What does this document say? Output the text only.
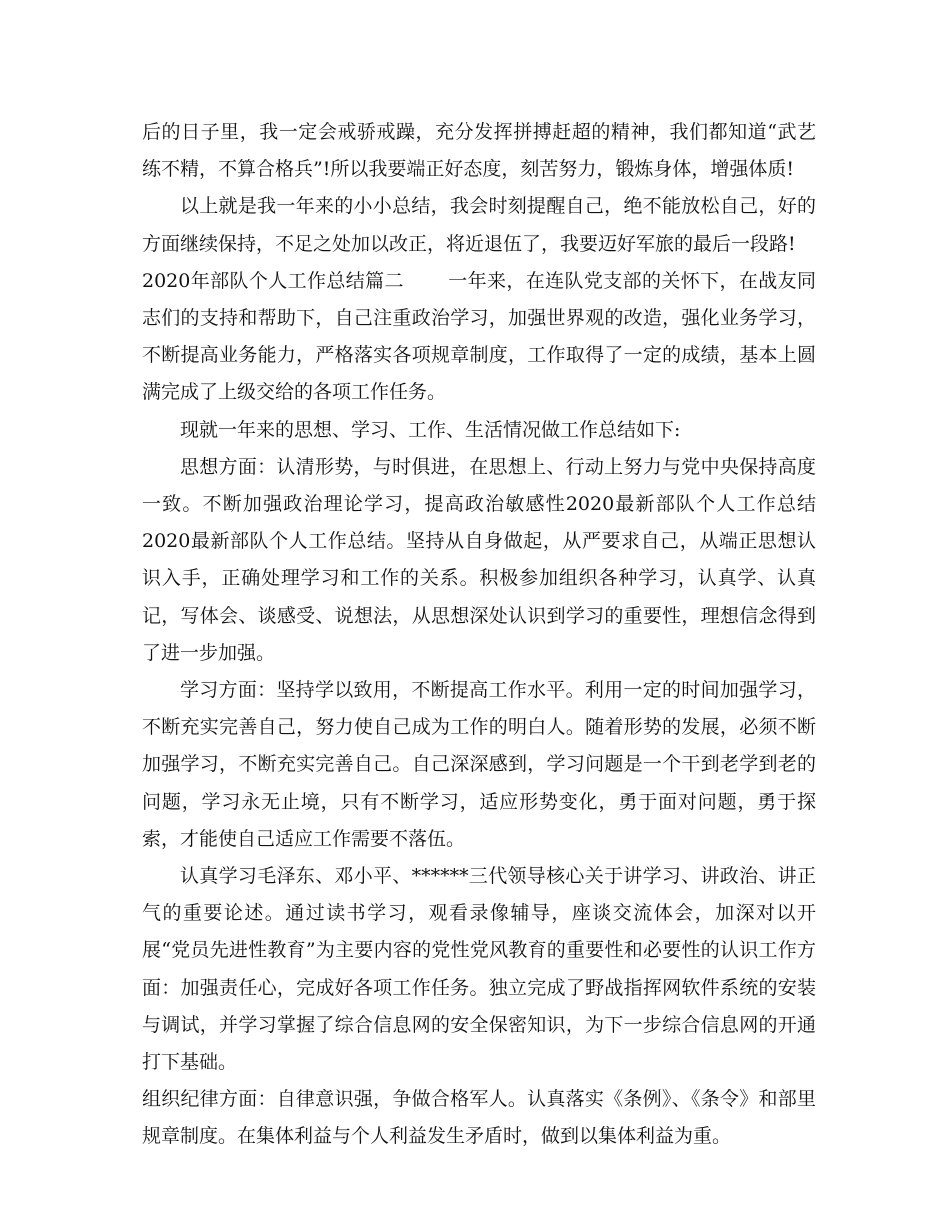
后的日子里，我一定会戒骄戒躁，充分发挥拼搏赶超的精神，我们都知道“武艺练不精，不算合格兵”!所以我要端正好态度，刻苦努力，锻炼身体，增强体质!

以上就是我一年来的小小总结，我会时刻提醒自己，绝不能放松自己，好的方面继续保持，不足之处加以改正，将近退伍了，我要迈好军旅的最后一段路!

2020年部队个人工作总结篇二 一年来，在连队党支部的关怀下，在战友同志们的支持和帮助下，自己注重政治学习，加强世界观的改造，强化业务学习，不断提高业务能力，严格落实各项规章制度，工作取得了一定的成绩，基本上圆满完成了上级交给的各项工作任务。

现就一年来的思想、学习、工作、生活情况做工作总结如下:

思想方面：认清形势，与时俱进，在思想上、行动上努力与党中央保持高度一致。不断加强政治理论学习，提高政治敏感性2020最新部队个人工作总结2020最新部队个人工作总结。坚持从自身做起，从严要求自己，从端正思想认识入手，正确处理学习和工作的关系。积极参加组织各种学习，认真学、认真记，写体会、谈感受、说想法，从思想深处认识到学习的重要性，理想信念得到了进一步加强。

学习方面：坚持学以致用，不断提高工作水平。利用一定的时间加强学习，不断充实完善自己，努力使自己成为工作的明白人。随着形势的发展，必须不断加强学习，不断充实完善自己。自己深深感到，学习问题是一个干到老学到老的问题，学习永无止境，只有不断学习，适应形势变化，勇于面对问题，勇于探索，才能使自己适应工作需要不落伍。

认真学习毛泽东、邓小平、******三代领导核心关于讲学习、讲政治、讲正气的重要论述。通过读书学习，观看录像辅导，座谈交流体会，加深对以开展“党员先进性教育”为主要内容的党性党风教育的重要性和必要性的认识工作方面：加强责任心，完成好各项工作任务。独立完成了野战指挥网软件系统的安装与调试，并学习掌握了综合信息网的安全保密知识，为下一步综合信息网的开通打下基础。

组织纪律方面：自律意识强，争做合格军人。认真落实《条例》、《条令》和部里规章制度。在集体利益与个人利益发生矛盾时，做到以集体利益为重。
